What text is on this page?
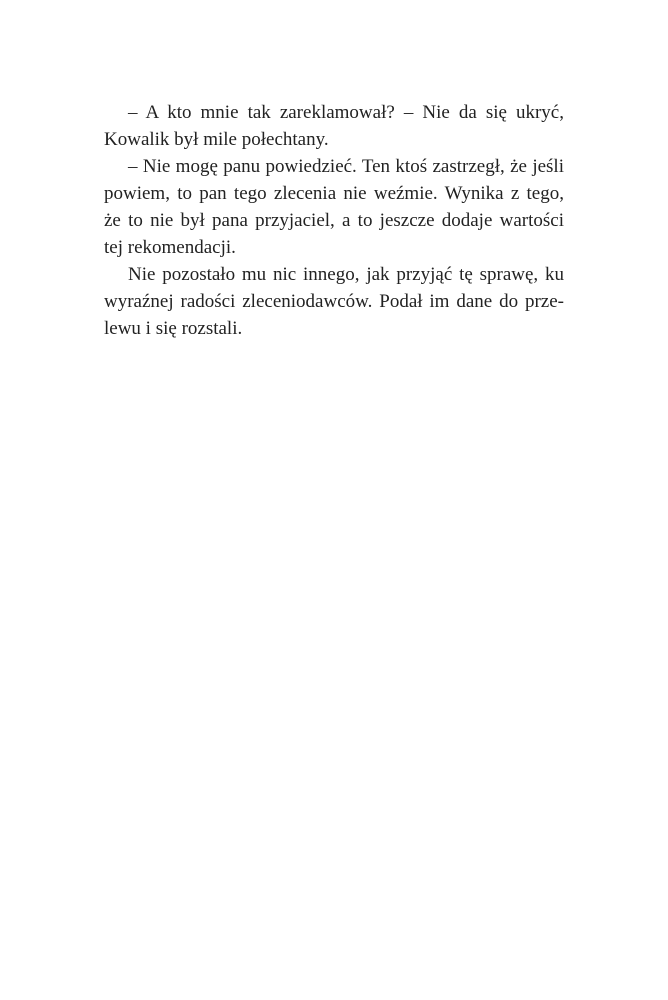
– A kto mnie tak zareklamował? – Nie da się ukryć,
Kowalik był mile połechtany.
– Nie mogę panu powiedzieć. Ten ktoś zastrzegł, że jeśli
powiem, to pan tego zlecenia nie weźmie. Wynika z tego,
że to nie był pana przyjaciel, a to jeszcze dodaje wartości
tej rekomendacji.
Nie pozostało mu nic innego, jak przyjąć tę sprawę, ku
wyraźnej radości zleceniodawców. Podał im dane do prze-
lewu i się rozstali.
